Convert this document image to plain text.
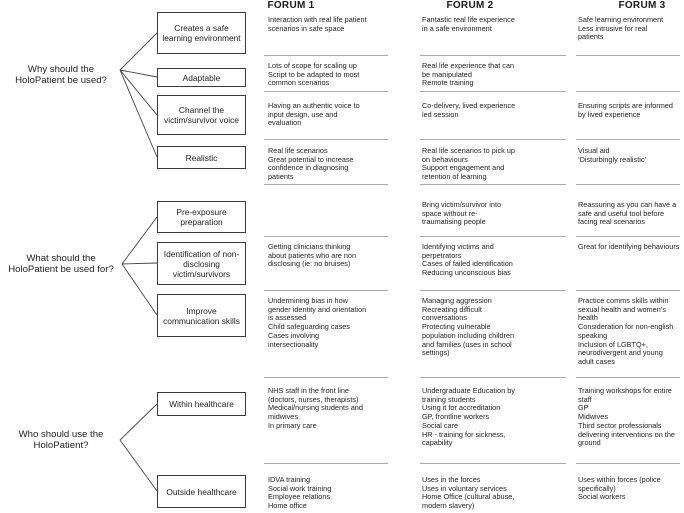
FORUM 1	FORUM 2	FORUM 3
Why should the HoloPatient be used?
What should the HoloPatient be used for?
Who should use the HoloPatient?
Creates a safe learning environment
Adaptable
Channel the victim/survivor voice
Realistic
Pre-exposure preparation
Identification of non-disclosing victim/survivors
Improve communication skills
Within healthcare
Outside healthcare
Interaction with real life patient
scenarios in safe space
Fantastic real life experience
in a safe environment
Safe learning environment
Less intrusive for real
patients
Lots of scope for scaling up
Script to be adapted to most
common scenarios
Real life experience that can
be manipulated
Remote training
Having an authentic voice to
input design, use and
evaluation
Co-delivery, lived experience
led session
Ensuring scripts are informed
by lived experience
Real life scenarios
Great potential to increase
confidence in diagnosing
patients
Real life scenarios to pick up
on behaviours
Support engagement and
retention of learning
Visual aid
‘Disturbingly realistic’
Bring victim/survivor into
space without re-
traumatising people
Reassuring as you can have a
safe and useful tool before
facing real scenarios
Getting clinicians thinking
about patients who are non
disclosing (ie: no bruises)
Identifying victims and
perpetrators
Cases of failed identification
Reducing unconscious bias
Great for identifying behaviours
Undermining bias in how
gender identity and orientation
is assessed
Child safeguarding cases
Cases involving
intersectionality
Managing aggression
Recreating difficult
conversations
Protecting vulnerable
population including children
and families (uses in school
settings)
Practice comms skills within
sexual health and women’s
health
Consideration for non-english
speaking
Inclusion of LGBTQ+,
neurodivergent and young
adult cases
NHS staff in the front line
(doctors, nurses, therapists)
Medical/nursing students and
midwives
In primary care
Undergraduate Education by
training students
Using it for accreditation
GP, frontline workers
Social care
HR - training for sickness,
capability
Training workshops for entire
staff
GP
Midwives
Third sector professionals
delivering interventions on the
ground
IDVA training
Social work training
Employee relations
Home office
Uses in the forces
Uses in voluntary services
Home Office (cultural abuse,
modern slavery)
Uses within forces (police
specifically)
Social workers
